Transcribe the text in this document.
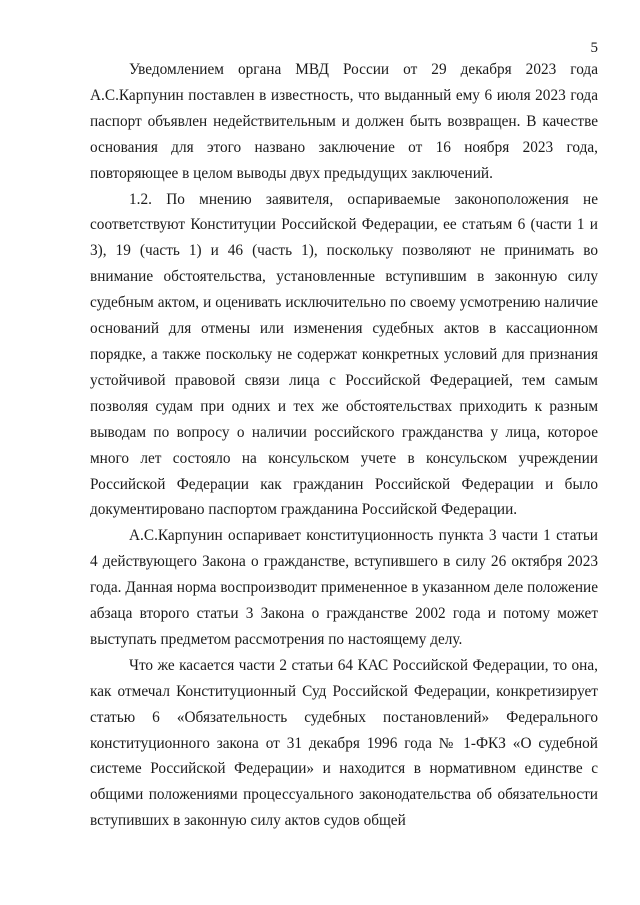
5

Уведомлением органа МВД России от 29 декабря 2023 года А.С.Карпунин поставлен в известность, что выданный ему 6 июля 2023 года паспорт объявлен недействительным и должен быть возвращен. В качестве основания для этого названо заключение от 16 ноября 2023 года, повторяющее в целом выводы двух предыдущих заключений.

1.2. По мнению заявителя, оспариваемые законоположения не соответствуют Конституции Российской Федерации, ее статьям 6 (части 1 и 3), 19 (часть 1) и 46 (часть 1), поскольку позволяют не принимать во внимание обстоятельства, установленные вступившим в законную силу судебным актом, и оценивать исключительно по своему усмотрению наличие оснований для отмены или изменения судебных актов в кассационном порядке, а также поскольку не содержат конкретных условий для признания устойчивой правовой связи лица с Российской Федерацией, тем самым позволяя судам при одних и тех же обстоятельствах приходить к разным выводам по вопросу о наличии российского гражданства у лица, которое много лет состояло на консульском учете в консульском учреждении Российской Федерации как гражданин Российской Федерации и было документировано паспортом гражданина Российской Федерации.

А.С.Карпунин оспаривает конституционность пункта 3 части 1 статьи 4 действующего Закона о гражданстве, вступившего в силу 26 октября 2023 года. Данная норма воспроизводит примененное в указанном деле положение абзаца второго статьи 3 Закона о гражданстве 2002 года и потому может выступать предметом рассмотрения по настоящему делу.

Что же касается части 2 статьи 64 КАС Российской Федерации, то она, как отмечал Конституционный Суд Российской Федерации, конкретизирует статью 6 «Обязательность судебных постановлений» Федерального конституционного закона от 31 декабря 1996 года № 1-ФКЗ «О судебной системе Российской Федерации» и находится в нормативном единстве с общими положениями процессуального законодательства об обязательности вступивших в законную силу актов судов общей
